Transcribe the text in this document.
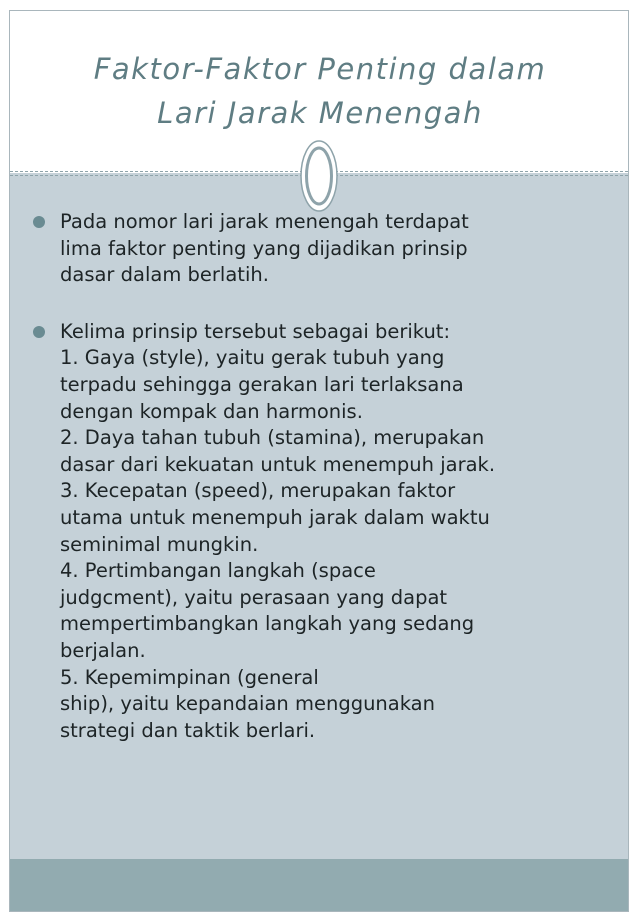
Faktor-Faktor Penting dalam
Lari Jarak Menengah
Pada nomor lari jarak menengah terdapat
lima faktor penting yang dijadikan prinsip
dasar dalam berlatih.
Kelima prinsip tersebut sebagai berikut:
1. Gaya (style), yaitu gerak tubuh yang
terpadu sehingga gerakan lari terlaksana
dengan kompak dan harmonis.
2. Daya tahan tubuh (stamina), merupakan
dasar dari kekuatan untuk menempuh jarak.
3. Kecepatan (speed), merupakan faktor
utama untuk menempuh jarak dalam waktu
seminimal mungkin.
4. Pertimbangan langkah (space
judgcment), yaitu perasaan yang dapat
mempertimbangkan langkah yang sedang
berjalan.
5. Kepemimpinan (general
ship), yaitu kepandaian menggunakan
strategi dan taktik berlari.
